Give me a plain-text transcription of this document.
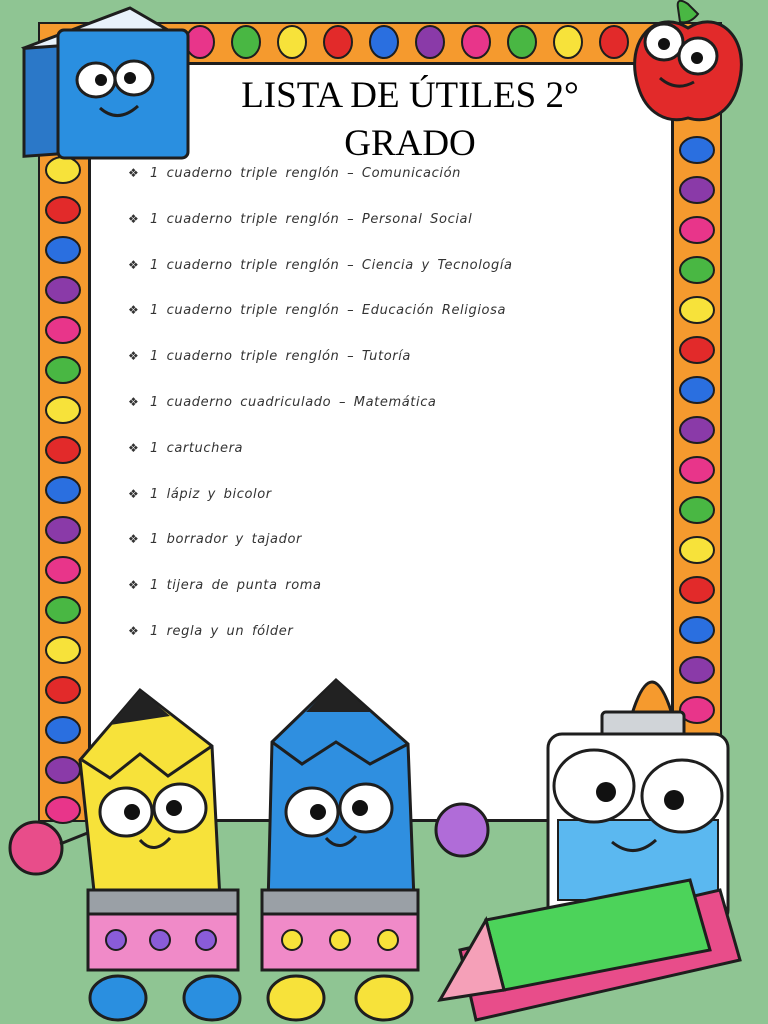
LISTA DE ÚTILES 2°
GRADO
❖ 1 cuaderno triple renglón – Comunicación
❖ 1 cuaderno triple renglón – Personal Social
❖ 1 cuaderno triple renglón – Ciencia y Tecnología
❖ 1 cuaderno triple renglón – Educación Religiosa
❖ 1 cuaderno triple renglón – Tutoría
❖ 1 cuaderno cuadriculado – Matemática
❖ 1 cartuchera
❖ 1 lápiz y bicolor
❖ 1 borrador y tajador
❖ 1 tijera de punta roma
❖ 1 regla y un fólder
